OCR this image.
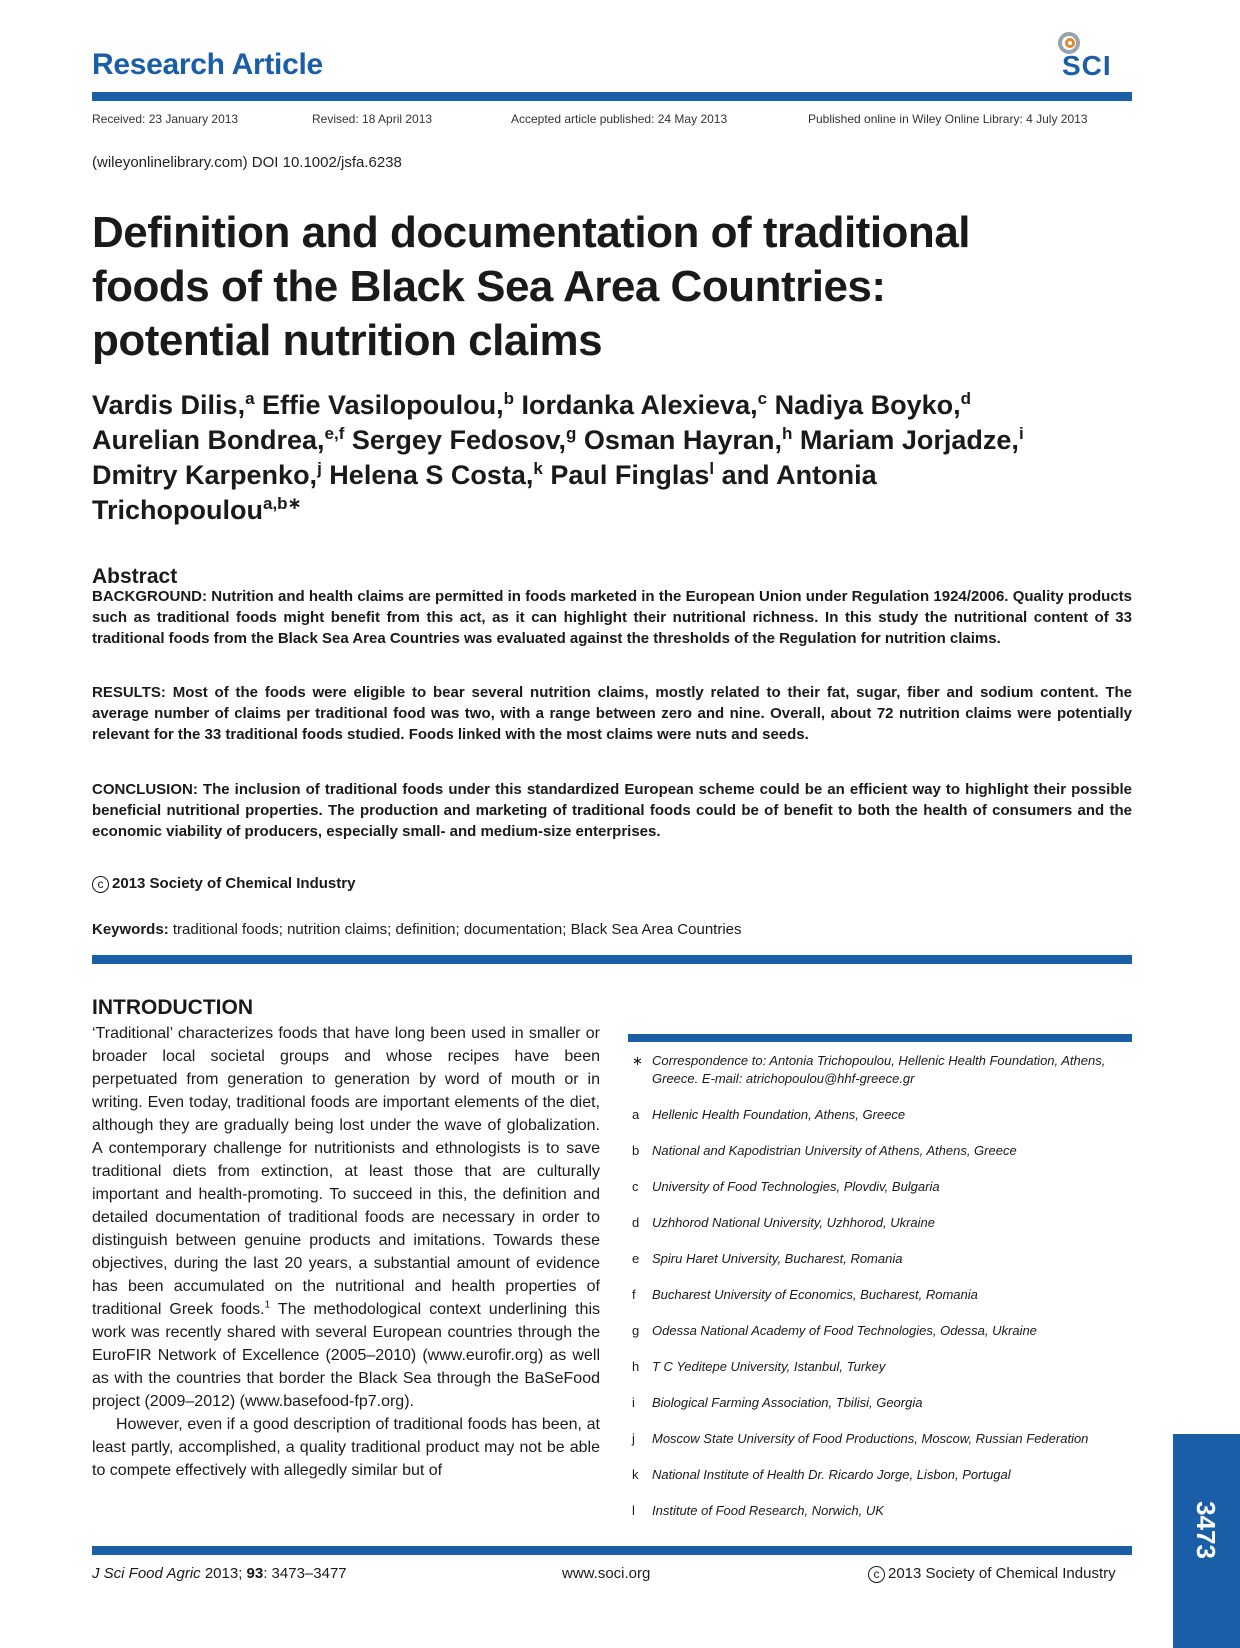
Research Article	SCI
Received: 23 January 2013	Revised: 18 April 2013	Accepted article published: 24 May 2013	Published online in Wiley Online Library: 4 July 2013
(wileyonlinelibrary.com) DOI 10.1002/jsfa.6238
Definition and documentation of traditional
foods of the Black Sea Area Countries:
potential nutrition claims
Vardis Dilis,$^a$ Effie Vasilopoulou,$^b$ Iordanka Alexieva,$^c$ Nadiya Boyko,$^d$
Aurelian Bondrea,$^{e,f}$ Sergey Fedosov,$^g$ Osman Hayran,$^h$ Mariam Jorjadze,$^i$
Dmitry Karpenko,$^j$ Helena S Costa,$^k$ Paul Finglas$^l$ and Antonia
Trichopoulou$^{a,b∗}$
Abstract
BACKGROUND: Nutrition and health claims are permitted in foods marketed in the European Union under Regulation 1924/2006. Quality products such as traditional foods might benefit from this act, as it can highlight their nutritional richness. In this study the nutritional content of 33 traditional foods from the Black Sea Area Countries was evaluated against the thresholds of the Regulation for nutrition claims.
RESULTS: Most of the foods were eligible to bear several nutrition claims, mostly related to their fat, sugar, fiber and sodium content. The average number of claims per traditional food was two, with a range between zero and nine. Overall, about 72 nutrition claims were potentially relevant for the 33 traditional foods studied. Foods linked with the most claims were nuts and seeds.
CONCLUSION: The inclusion of traditional foods under this standardized European scheme could be an efficient way to highlight their possible beneficial nutritional properties. The production and marketing of traditional foods could be of benefit to both the health of consumers and the economic viability of producers, especially small- and medium-size enterprises.
c 2013 Society of Chemical Industry
Keywords: traditional foods; nutrition claims; definition; documentation; Black Sea Area Countries
INTRODUCTION

‘Traditional’ characterizes foods that have long been used in smaller or broader local societal groups and whose recipes have been perpetuated from generation to generation by word of mouth or in writing. Even today, traditional foods are important elements of the diet, although they are gradually being lost under the wave of globalization. A contemporary challenge for nutritionists and ethnologists is to save traditional diets from extinction, at least those that are culturally important and health-promoting. To succeed in this, the definition and detailed documentation of traditional foods are necessary in order to distinguish between genuine products and imitations. Towards these objectives, during the last 20 years, a substantial amount of evidence has been accumulated on the nutritional and health properties of traditional Greek foods.$^1$ The methodological context underlining this work was recently shared with several European countries through the EuroFIR Network of Excellence (2005–2010) (www.eurofir.org) as well as with the countries that border the Black Sea through the BaSeFood project (2009–2012) (www.basefood-fp7.org).

However, even if a good description of traditional foods has been, at least partly, accomplished, a quality traditional product may not be able to compete effectively with allegedly similar but of

∗ Correspondence to: Antonia Trichopoulou, Hellenic Health Foundation, Athens, Greece. E-mail: atrichopoulou@hhf-greece.gr
a Hellenic Health Foundation, Athens, Greece
b National and Kapodistrian University of Athens, Athens, Greece
c University of Food Technologies, Plovdiv, Bulgaria
d Uzhhorod National University, Uzhhorod, Ukraine
e Spiru Haret University, Bucharest, Romania
f Bucharest University of Economics, Bucharest, Romania
g Odessa National Academy of Food Technologies, Odessa, Ukraine
h T C Yeditepe University, Istanbul, Turkey
i Biological Farming Association, Tbilisi, Georgia
j Moscow State University of Food Productions, Moscow, Russian Federation
k National Institute of Health Dr. Ricardo Jorge, Lisbon, Portugal
l Institute of Food Research, Norwich, UK	3473
J Sci Food Agric 2013; 93: 3473–3477	www.soci.org	c 2013 Society of Chemical Industry
